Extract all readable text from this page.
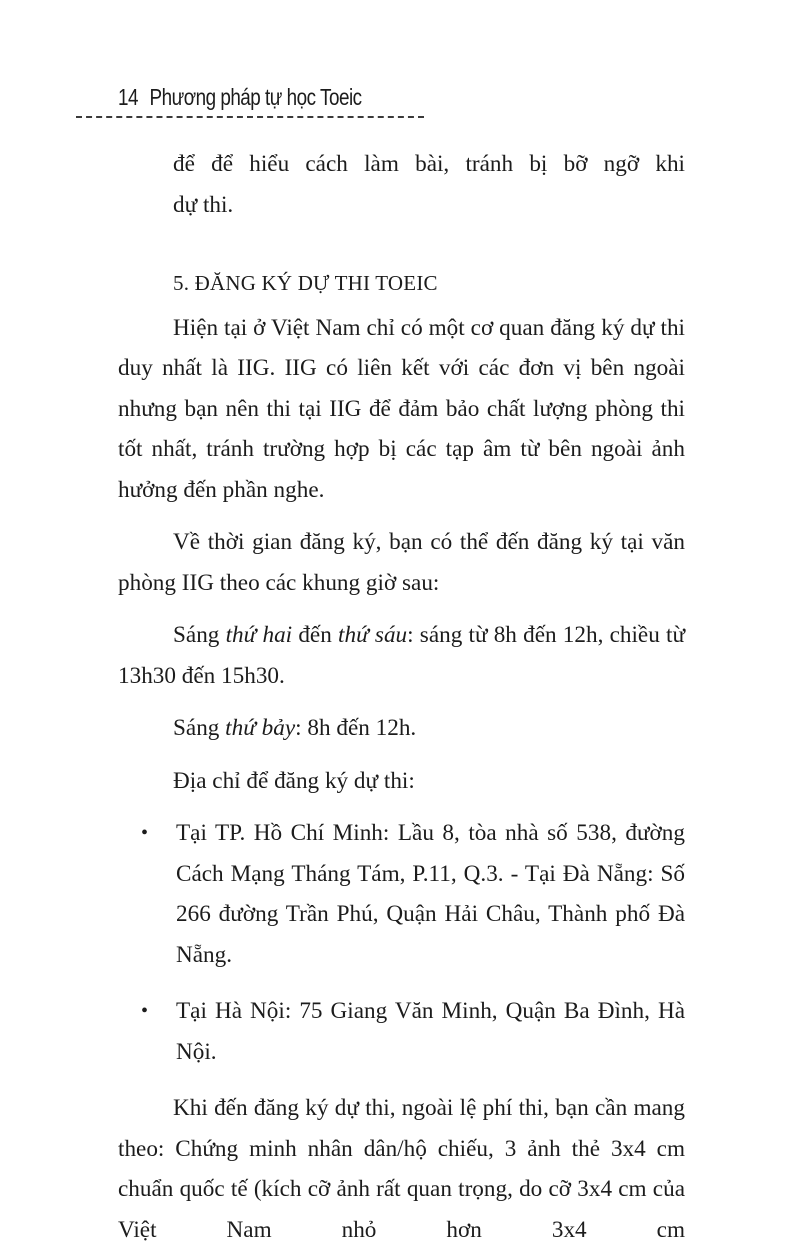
14 Phương pháp tự học Toeic

để để hiểu cách làm bài, tránh bị bỡ ngỡ khi

dự thi.

5. ĐĂNG KÝ DỰ THI TOEIC

Hiện tại ở Việt Nam chỉ có một cơ quan đăng ký dự thi duy nhất là IIG. IIG có liên kết với các đơn vị bên ngoài nhưng bạn nên thi tại IIG để đảm bảo chất lượng phòng thi tốt nhất, tránh trường hợp bị các tạp âm từ bên ngoài ảnh hưởng đến phần nghe.

Về thời gian đăng ký, bạn có thể đến đăng ký tại văn phòng IIG theo các khung giờ sau:

Sáng thứ hai đến thứ sáu: sáng từ 8h đến 12h, chiều từ 13h30 đến 15h30.

Sáng thứ bảy: 8h đến 12h.

Địa chỉ để đăng ký dự thi:

• Tại TP. Hồ Chí Minh: Lầu 8, tòa nhà số 538, đường Cách Mạng Tháng Tám, P.11, Q.3. - Tại Đà Nẵng: Số 266 đường Trần Phú, Quận Hải Châu, Thành phố Đà Nẵng.
• Tại Hà Nội: 75 Giang Văn Minh, Quận Ba Đình, Hà Nội.

Khi đến đăng ký dự thi, ngoài lệ phí thi, bạn cần mang theo: Chứng minh nhân dân/hộ chiếu, 3 ảnh thẻ 3x4 cm chuẩn quốc tế (kích cỡ ảnh rất quan trọng, do cỡ 3x4 cm của Việt Nam nhỏ hơn 3x4 cm
